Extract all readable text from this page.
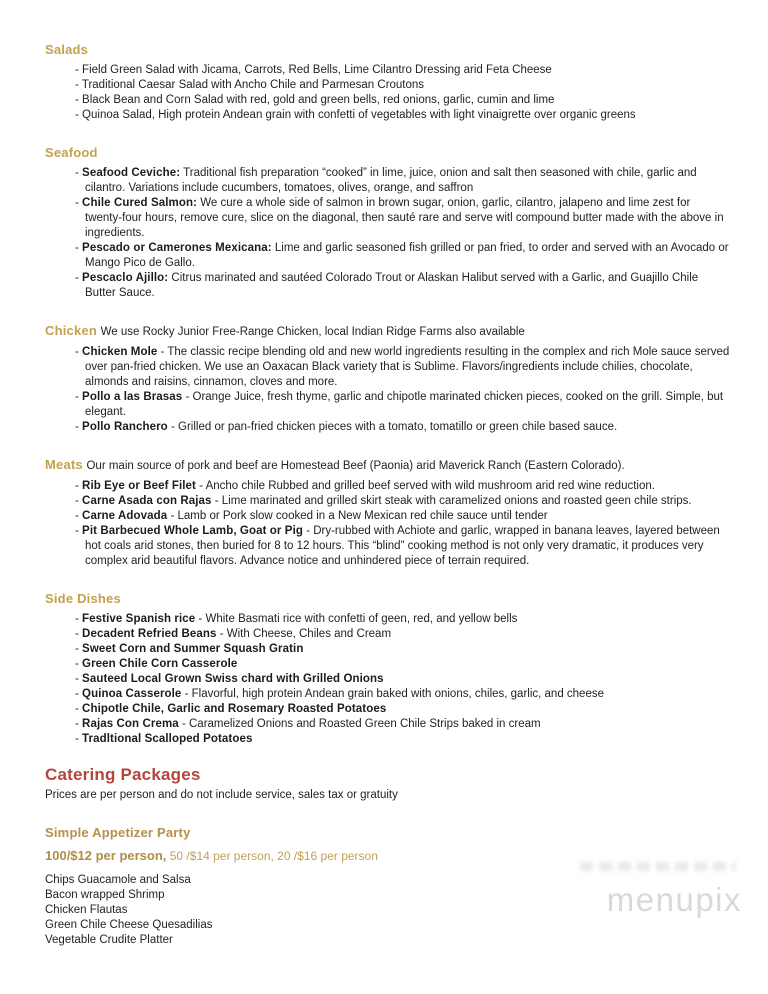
Salads
- Field Green Salad with Jicama, Carrots, Red Bells, Lime Cilantro Dressing arid Feta Cheese
- Traditional Caesar Salad with Ancho Chile and Parmesan Croutons
- Black Bean and Corn Salad with red, gold and green bells, red onions, garlic, cumin and lime
- Quinoa Salad, High protein Andean grain with confetti of vegetables with light vinaigrette over organic greens
Seafood
- Seafood Ceviche: Traditional fish preparation “cooked” in lime, juice, onion and salt then seasoned with chile, garlic and cilantro. Variations include cucumbers, tomatoes, olives, orange, and saffron
- Chile Cured Salmon: We cure a whole side of salmon in brown sugar, onion, garlic, cilantro, jalapeno and lime zest for twenty-four hours, remove cure, slice on the diagonal, then sauté rare and serve witl compound butter made with the above in ingredients.
- Pescado or Camerones Mexicana: Lime and garlic seasoned fish grilled or pan fried, to order and served with an Avocado or Mango Pico de Gallo.
- Pescaclo Ajillo: Citrus marinated and sautéed Colorado Trout or Alaskan Halibut served with a Garlic, and Guajillo Chile Butter Sauce.
Chicken We use Rocky Junior Free-Range Chicken, local Indian Ridge Farms also available
- Chicken Mole - The classic recipe blending old and new world ingredients resulting in the complex and rich Mole sauce served over pan-fried chicken. We use an Oaxacan Black variety that is Sublime. Flavors/ingredients include chilies, chocolate, almonds and raisins, cinnamon, cloves and more.
- Pollo a las Brasas - Orange Juice, fresh thyme, garlic and chipotle marinated chicken pieces, cooked on the grill. Simple, but elegant.
- Pollo Ranchero - Grilled or pan-fried chicken pieces with a tomato, tomatillo or green chile based sauce.
Meats Our main source of pork and beef are Homestead Beef (Paonia) arid Maverick Ranch (Eastern Colorado).
- Rib Eye or Beef Filet - Ancho chile Rubbed and grilled beef served with wild mushroom arid red wine reduction.
- Carne Asada con Rajas - Lime marinated and grilled skirt steak with caramelized onions and roasted geen chile strips.
- Carne Adovada - Lamb or Pork slow cooked in a New Mexican red chile sauce until tender
- Pit Barbecued Whole Lamb, Goat or Pig - Dry-rubbed with Achiote and garlic, wrapped in banana leaves, layered between hot coals arid stones, then buried for 8 to 12 hours. This “blind” cooking method is not only very dramatic, it produces very complex arid beautiful flavors. Advance notice and unhindered piece of terrain required.
Side Dishes
- Festive Spanish rice - White Basmati rice with confetti of geen, red, and yellow bells
- Decadent Refried Beans - With Cheese, Chiles and Cream
- Sweet Corn and Summer Squash Gratin
- Green Chile Corn Casserole
- Sauteed Local Grown Swiss chard with Grilled Onions
- Quinoa Casserole - Flavorful, high protein Andean grain baked with onions, chiles, garlic, and cheese
- Chipotle Chile, Garlic and Rosemary Roasted Potatoes
- Rajas Con Crema - Caramelized Onions and Roasted Green Chile Strips baked in cream
- Tradltional Scalloped Potatoes
Catering Packages

Prices are per person and do not include service, sales tax or gratuity

Simple Appetizer Party

100/$12 per person, 50 /$14 per person, 20 /$16 per person

Chips Guacamole and Salsa
Bacon wrapped Shrimp
Chicken Flautas
Green Chile Cheese Quesadilias
Vegetable Crudite Platter
menupix
